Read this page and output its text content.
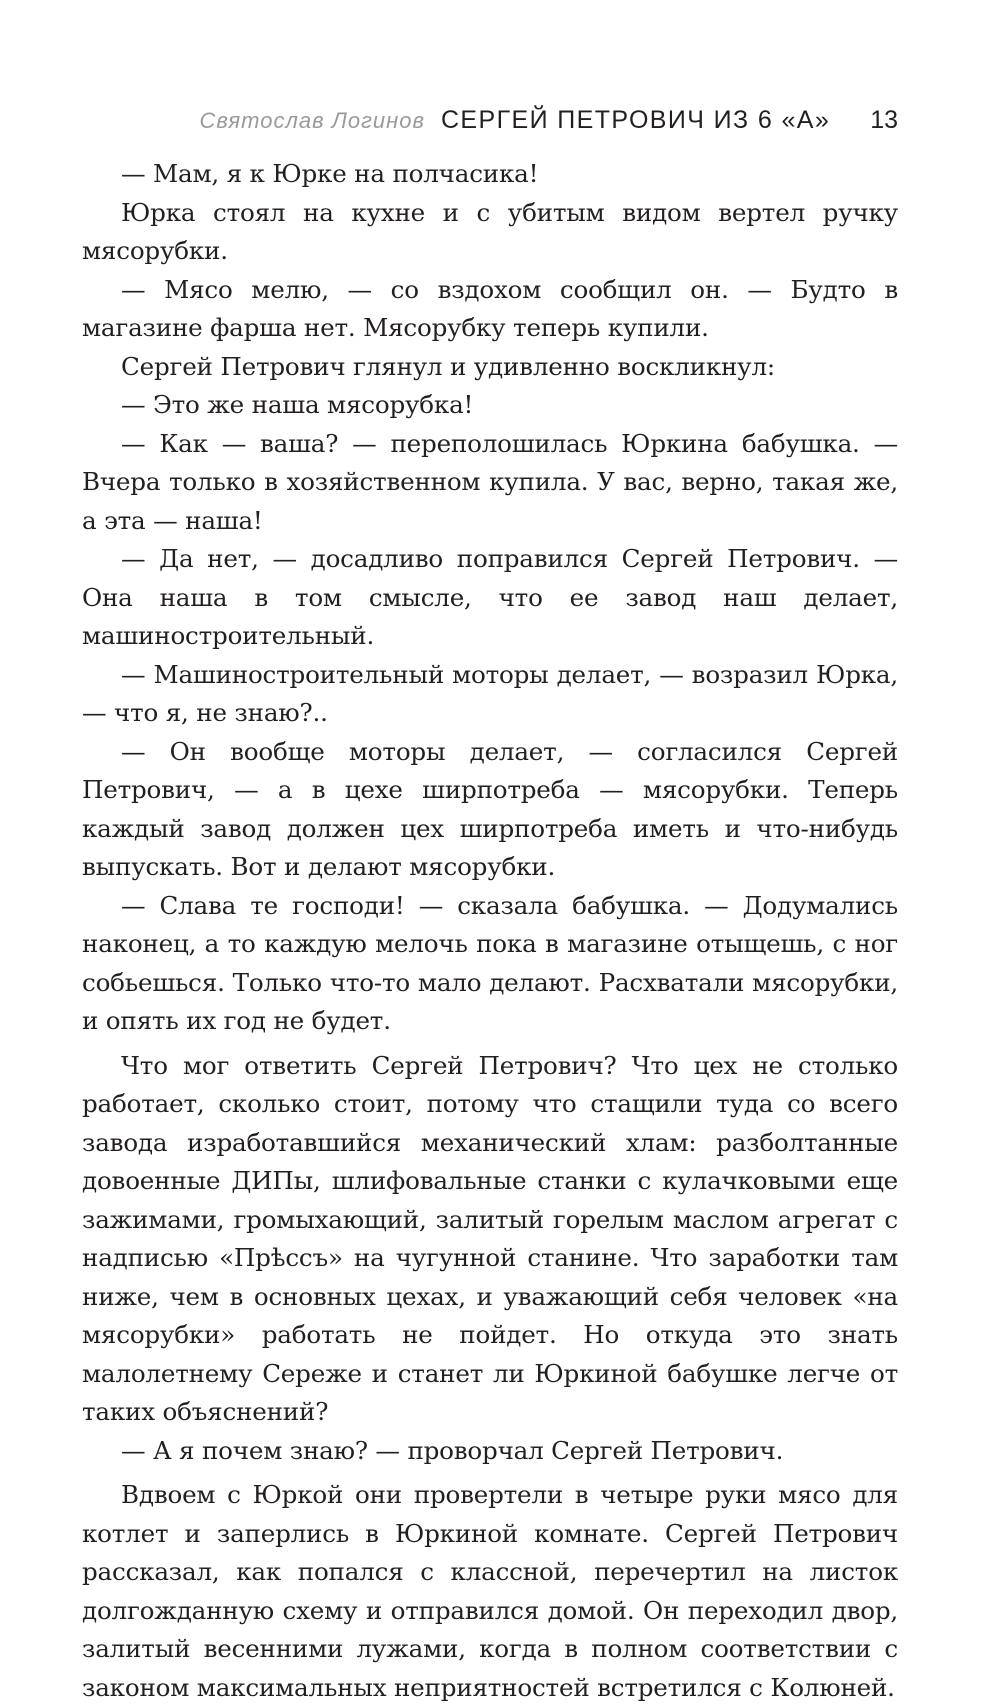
Святослав Логинов СЕРГЕЙ ПЕТРОВИЧ ИЗ 6 «А» 13

— Мам, я к Юрке на полчасика!

Юрка стоял на кухне и с убитым видом вертел ручку мясорубки.

— Мясо мелю, — со вздохом сообщил он. — Будто в магазине фарша нет. Мясорубку теперь купили.

Сергей Петрович глянул и удивленно воскликнул:

— Это же наша мясорубка!

— Как — ваша? — переполошилась Юркина бабушка. — Вчера только в хозяйственном купила. У вас, верно, такая же, а эта — наша!

— Да нет, — досадливо поправился Сергей Петрович. — Она наша в том смысле, что ее завод наш делает, машиностроительный.

— Машиностроительный моторы делает, — возразил Юрка, — что я, не знаю?..

— Он вообще моторы делает, — согласился Сергей Петрович, — а в цехе ширпотреба — мясорубки. Теперь каждый завод должен цех ширпотреба иметь и что-нибудь выпускать. Вот и делают мясорубки.

— Слава те господи! — сказала бабушка. — Додумались наконец, а то каждую мелочь пока в магазине отыщешь, с ног собьешься. Только что-то мало делают. Расхватали мясорубки, и опять их год не будет.

Что мог ответить Сергей Петрович? Что цех не столько работает, сколько стоит, потому что стащили туда со всего завода изработавшийся механический хлам: разболтанные довоенные ДИПы, шлифовальные станки с кулачковыми еще зажимами, громыхающий, залитый горелым маслом агрегат с надписью «Прѣссъ» на чугунной станине. Что заработки там ниже, чем в основных цехах, и уважающий себя человек «на мясорубки» работать не пойдет. Но откуда это знать малолетнему Сереже и станет ли Юркиной бабушке легче от таких объяснений?

— А я почем знаю? — проворчал Сергей Петрович.

Вдвоем с Юркой они провертели в четыре руки мясо для котлет и заперлись в Юркиной комнате. Сергей Петрович рассказал, как попался с классной, перечертил на листок долгожданную схему и отправился домой. Он переходил двор, залитый весенними лужами, когда в полном соответствии с законом максимальных неприятностей встретился с Колюней.
